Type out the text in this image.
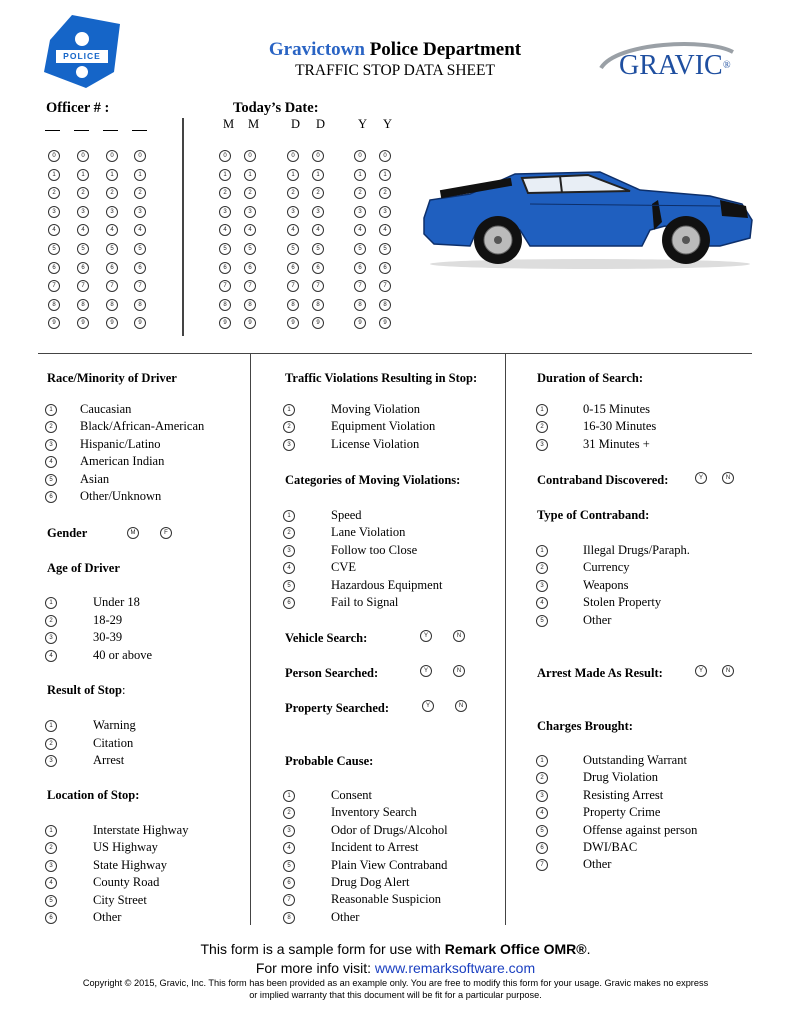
POLICE	Gravictown Police Department
TRAFFIC STOP DATA SHEET	GRAVIC ®
Officer # :	Today’s Date:
M M	D D	Y Y
0	0	0	0	0	0	0	0	0	0
1	1	1	1	1	1	1	1	1	1
2	2	2	2	2	2	2	2	2	2
3	3	3	3	3	3	3	3	3	3
4	4	4	4	4	4	4	4	4	4
5	5	5	5	5	5	5	5	5	5
6	6	6	6	6	6	6	6	6	6
7	7	7	7	7	7	7	7	7	7
8	8	8	8	8	8	8	8	8	8
9	9	9	9	9	9	9	9	9	9
Race/Minority of Driver
1	Caucasian
2	Black/African-American
3	Hispanic/Latino
4	American Indian
5	Asian
6	Other/Unknown
Gender	M	F
Age of Driver
1	Under 18
2	18-29
3	30-39
4	40 or above
Result of Stop:
1	Warning
2	Citation
3	Arrest
Location of Stop:
1	Interstate Highway
2	US Highway
3	State Highway
4	County Road
5	City Street
6	Other
Traffic Violations Resulting in Stop:
1	Moving Violation
2	Equipment Violation
3	License Violation
Categories of Moving Violations:
1	Speed
2	Lane Violation
3	Follow too Close
4	CVE
5	Hazardous Equipment
6	Fail to Signal
Vehicle Search:	Y	N
Person Searched:	Y	N
Property Searched:	Y	N
Probable Cause:
1	Consent
2	Inventory Search
3	Odor of Drugs/Alcohol
4	Incident to Arrest
5	Plain View Contraband
6	Drug Dog Alert
7	Reasonable Suspicion
8	Other
Duration of Search:
1	0-15 Minutes
2	16-30 Minutes
3	31 Minutes +
Contraband Discovered:	Y	N
Type of Contraband:
1	Illegal Drugs/Paraph.
2	Currency
3	Weapons
4	Stolen Property
5	Other
Arrest Made As Result:	Y	N
Charges Brought:
1	Outstanding Warrant
2	Drug Violation
3	Resisting Arrest
4	Property Crime
5	Offense against person
6	DWI/BAC
7	Other
This form is a sample form for use with Remark Office OMR®.
For more info visit: www.remarksoftware.com
Copyright © 2015, Gravic, Inc. This form has been provided as an example only. You are free to modify this form for your usage. Gravic makes no express
or implied warranty that this document will be fit for a particular purpose.
